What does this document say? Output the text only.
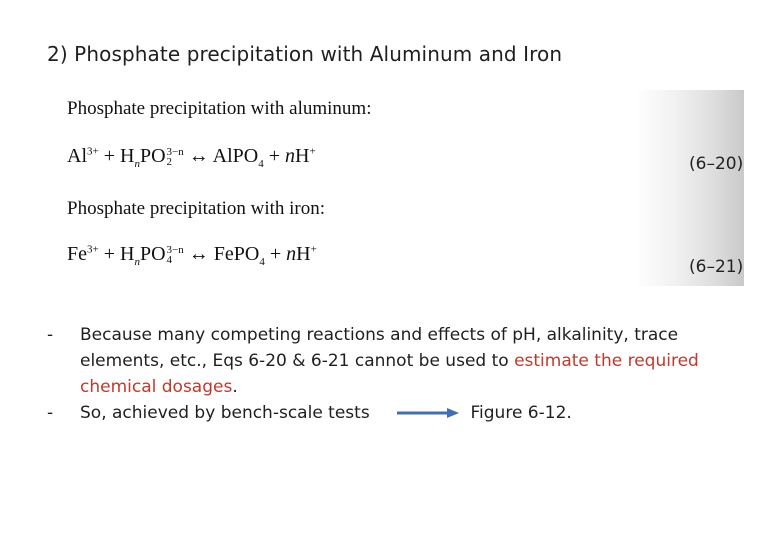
2) Phosphate precipitation with Aluminum and Iron
Phosphate precipitation with aluminum:
$Al^{3+} + H_nPO$ 3−n
2 ↔ AlPO$_4$ + nH+
(6–20)
Phosphate precipitation with iron:
$Fe^{3+} + H_nPO$ 3−n
4 ↔ FePO$_4$ + nH+
(6–21)
- Because many competing reactions and effects of pH, alkalinity, trace elements, etc., Eqs 6-20 & 6-21 cannot be used to estimate the required chemical dosages.
- So, achieved by bench-scale tests	Figure 6-12.
